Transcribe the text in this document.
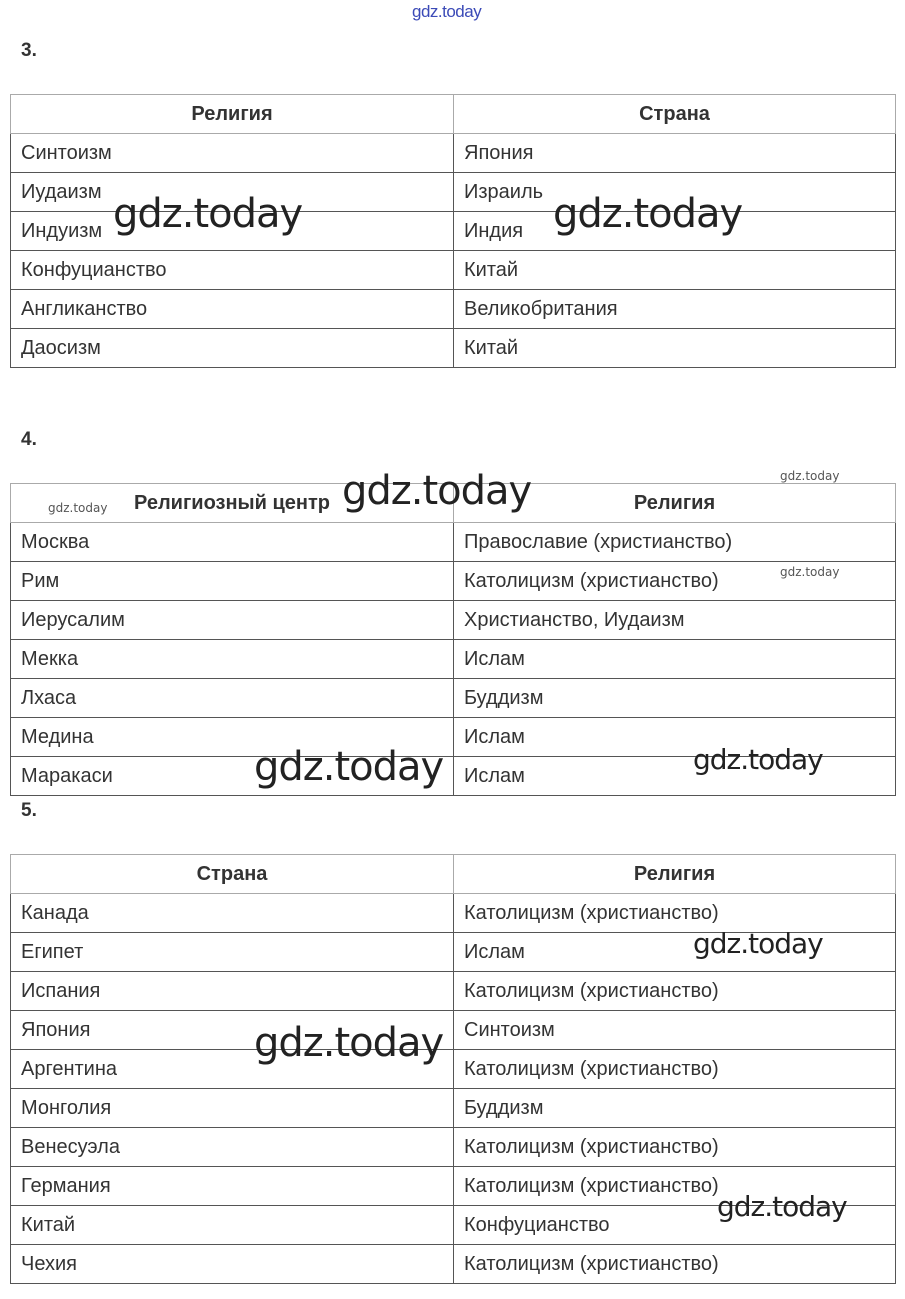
gdz.today
3.
Религия	Страна
Синтоизм	Япония
Иудаизм	Израиль
Индуизм	Индия
Конфуцианство	Китай
Англиканство	Великобритания
Даосизм	Китай
4.
Религиозный центр	Религия
Москва	Православие (христианство)
Рим	Католицизм (христианство)
Иерусалим	Христианство, Иудаизм
Мекка	Ислам
Лхаса	Буддизм
Медина	Ислам
Маракаси	Ислам
5.
Страна	Религия
Канада	Католицизм (христианство)
Египет	Ислам
Испания	Католицизм (христианство)
Япония	Синтоизм
Аргентина	Католицизм (христианство)
Монголия	Буддизм
Венесуэла	Католицизм (христианство)
Германия	Католицизм (христианство)
Китай	Конфуцианство
Чехия	Католицизм (христианство)
gdz.today	gdz.today
gdz.today
gdz.today	gdz.today
gdz.today
gdz.today	gdz.today
gdz.today
gdz.today
gdz.today
